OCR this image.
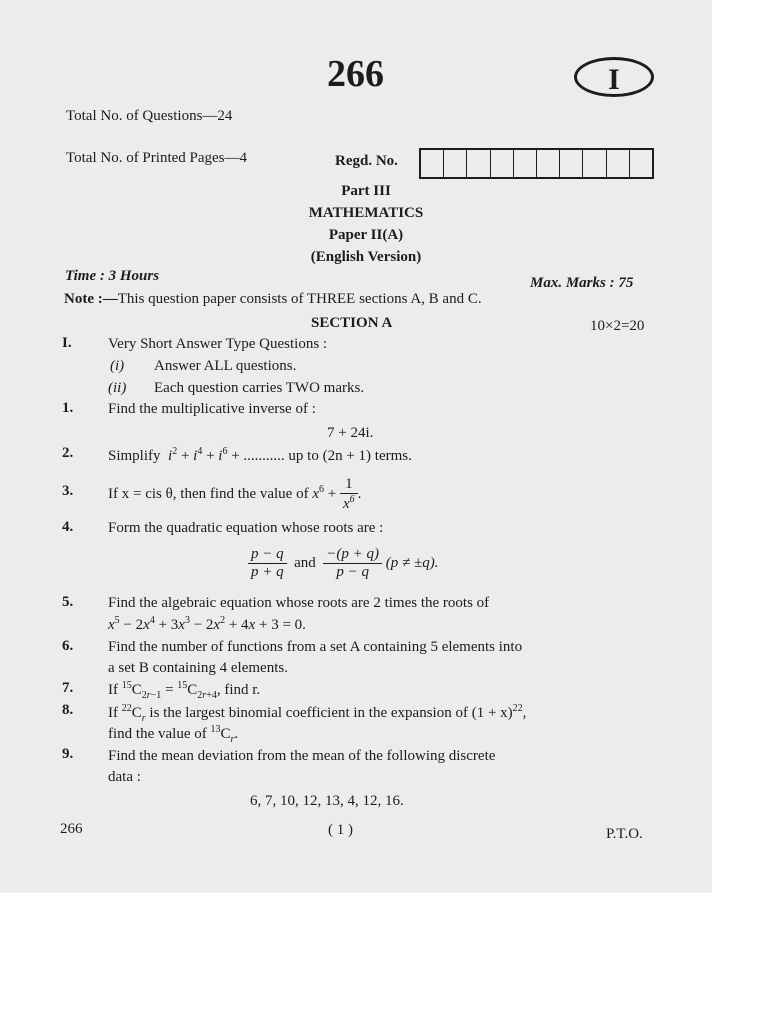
266	I
Total No. of Questions—24
Total No. of Printed Pages—4	Regd. No.
Part III
MATHEMATICS
Paper II(A)
(English Version)
Time : 3 Hours	Max. Marks : 75
Note :—This question paper consists of THREE sections A, B and C.
SECTION A	10×2=20
I. Very Short Answer Type Questions :
(i) Answer ALL questions.
(ii) Each question carries TWO marks.
1. Find the multiplicative inverse of :
7 + 24i.
2. Simplify $i^2 + i^4 + i^6$ + ........... up to (2n + 1) terms.
3. If x = cis θ, then find the value of $x^6 + \frac{1}{x^6}$ .
4. Form the quadratic equation whose roots are :
$\frac{p - q}{p + q}$ and $\frac{-(p + q)}{p - q} (p \ne \pm q)$.
5. Find the algebraic equation whose roots are 2 times the roots of
$x^5 - 2x^4 + 3x^3 - 2x^2 + 4x + 3 = 0$.
6. Find the number of functions from a set A containing 5 elements into
a set B containing 4 elements.
7. If $^{15}C_{2r-1} = ^{15}C_{2r+4}$, find r.
8. If $^{22}C_r$ is the largest binomial coefficient in the expansion of $(1 + x)^{22}$,
find the value of $^{13}C_r$.
9. Find the mean deviation from the mean of the following discrete
data :
6, 7, 10, 12, 13, 4, 12, 16.
266	( 1 )	P.T.O.
